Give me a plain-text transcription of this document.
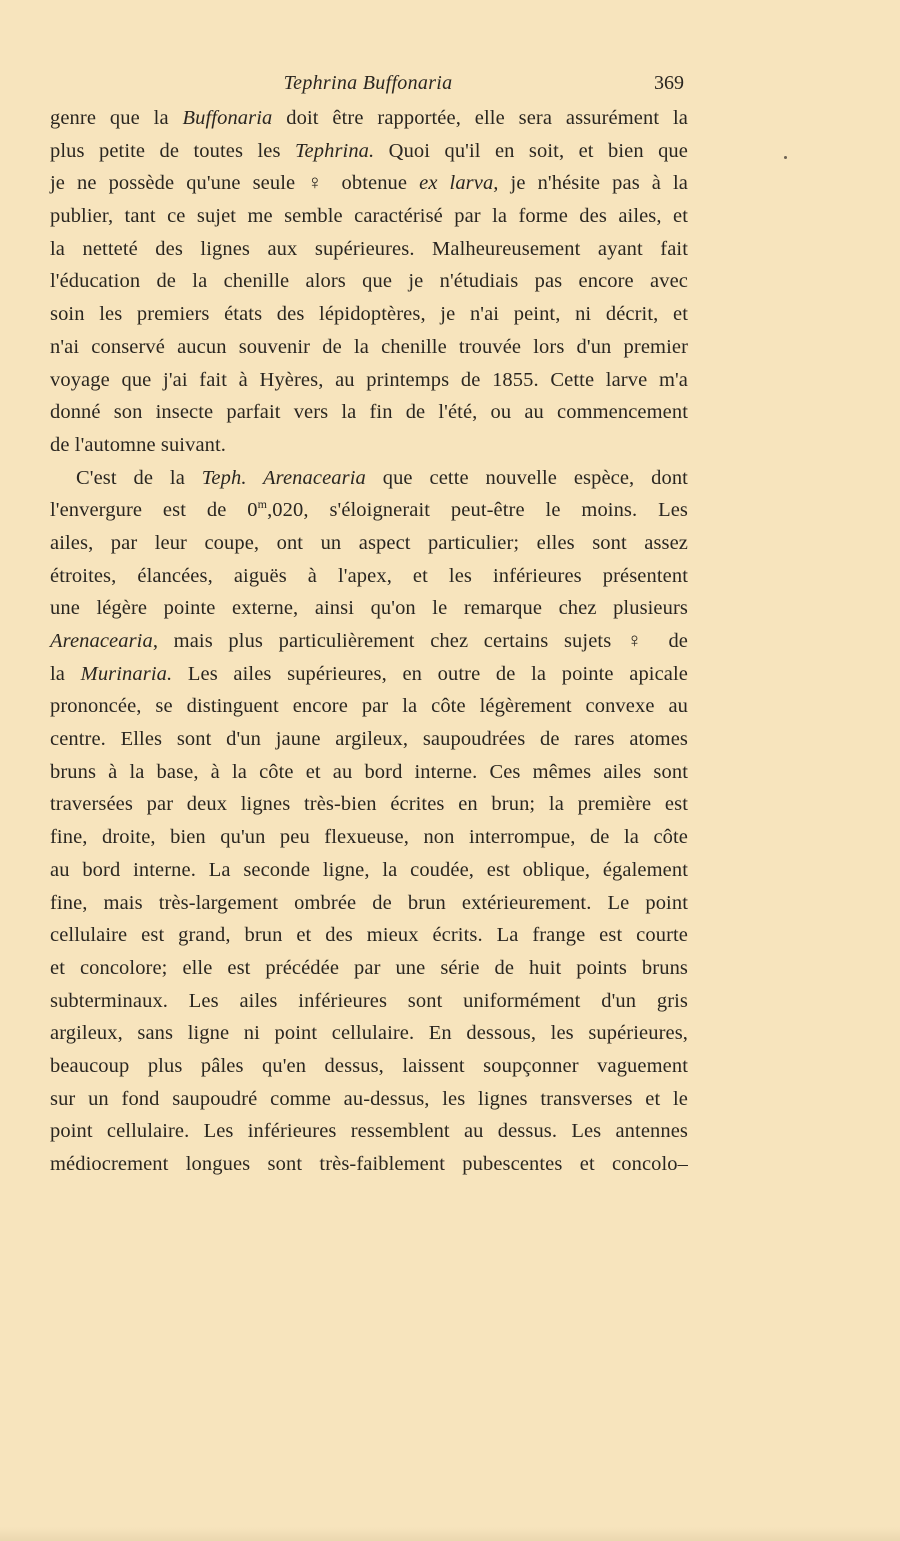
Tephrina Buffonaria	369
genre que la Buffonaria doit être rapportée, elle sera assurément la
plus petite de toutes les Tephrina. Quoi qu'il en soit, et bien que
je ne possède qu'une seule ♀ obtenue ex larva, je n'hésite pas à la
publier, tant ce sujet me semble caractérisé par la forme des ailes, et
la netteté des lignes aux supérieures. Malheureusement ayant fait
l'éducation de la chenille alors que je n'étudiais pas encore avec
soin les premiers états des lépidoptères, je n'ai peint, ni décrit, et
n'ai conservé aucun souvenir de la chenille trouvée lors d'un premier
voyage que j'ai fait à Hyères, au printemps de 1855. Cette larve m'a
donné son insecte parfait vers la fin de l'été, ou au commencement
de l'automne suivant.
C'est de la Teph. Arenacearia que cette nouvelle espèce, dont
l'envergure est de 0$^m$,020, s'éloignerait peut-être le moins. Les
ailes, par leur coupe, ont un aspect particulier; elles sont assez
étroites, élancées, aiguës à l'apex, et les inférieures présentent
une légère pointe externe, ainsi qu'on le remarque chez plusieurs
Arenacearia, mais plus particulièrement chez certains sujets ♀ de
la Murinaria. Les ailes supérieures, en outre de la pointe apicale
prononcée, se distinguent encore par la côte légèrement convexe au
centre. Elles sont d'un jaune argileux, saupoudrées de rares atomes
bruns à la base, à la côte et au bord interne. Ces mêmes ailes sont
traversées par deux lignes très-bien écrites en brun; la première est
fine, droite, bien qu'un peu flexueuse, non interrompue, de la côte
au bord interne. La seconde ligne, la coudée, est oblique, également
fine, mais très-largement ombrée de brun extérieurement. Le point
cellulaire est grand, brun et des mieux écrits. La frange est courte
et concolore; elle est précédée par une série de huit points bruns
subterminaux. Les ailes inférieures sont uniformément d'un gris
argileux, sans ligne ni point cellulaire. En dessous, les supérieures,
beaucoup plus pâles qu'en dessus, laissent soupçonner vaguement
sur un fond saupoudré comme au-dessus, les lignes transverses et le
point cellulaire. Les inférieures ressemblent au dessus. Les antennes
médiocrement longues sont très-faiblement pubescentes et concolo–
